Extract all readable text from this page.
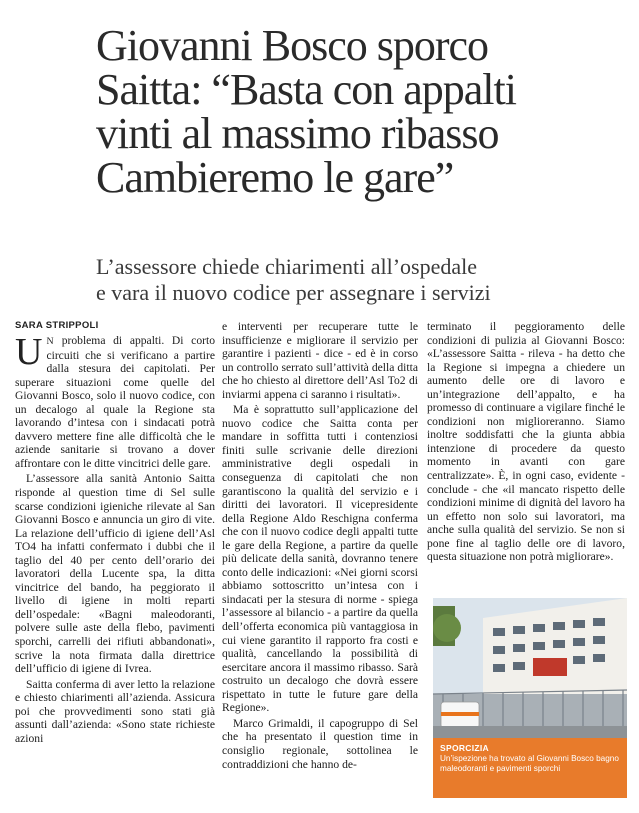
Giovanni Bosco sporco
Saitta: “Basta con appalti
vinti al massimo ribasso
Cambieremo le gare”
L’assessore chiede chiarimenti all’ospedale
e vara il nuovo codice per assegnare i servizi
SARA STRIPPOLI

U N problema di appalti. Di corto circuiti che si verificano a partire dalla stesura dei capitolati. Per superare situazioni come quelle del Giovanni Bosco, solo il nuovo codice, con un decalogo al quale la Regione sta lavorando d’intesa con i sindacati potrà davvero mettere fine alle difficoltà che le aziende sanitarie si trovano a dover affrontare con le ditte vincitrici delle gare.

L’assessore alla sanità Antonio Saitta risponde al question time di Sel sulle scarse condizioni igieniche rilevate al San Giovanni Bosco e annuncia un giro di vite. La relazione dell’ufficio di igiene dell’Asl TO4 ha infatti confermato i dubbi che il taglio del 40 per cento dell’orario dei lavoratori della Lucente spa, la ditta vincitrice del bando, ha peggiorato il livello di igiene in molti reparti dell’ospedale: «Bagni maleodoranti, polvere sulle aste della flebo, pavimenti sporchi, carrelli dei rifiuti abbandonati», scrive la nota firmata dalla direttrice dell’ufficio di igiene di Ivrea.

Saitta conferma di aver letto la relazione e chiesto chiarimenti all’azienda. Assicura poi che provvedimenti sono stati già assunti dall’azienda: «Sono state richieste azioni

e interventi per recuperare tutte le insufficienze e migliorare il servizio per garantire i pazienti - dice - ed è in corso un controllo serrato sull’attività della ditta che ho chiesto al direttore dell’Asl To2 di inviarmi appena ci saranno i risultati».

Ma è soprattutto sull’applicazione del nuovo codice che Saitta conta per mandare in soffitta tutti i contenziosi finiti sulle scrivanie delle direzioni amministrative degli ospedali in conseguenza di capitolati che non garantiscono la qualità del servizio e i diritti dei lavoratori. Il vicepresidente della Regione Aldo Reschigna conferma che con il nuovo codice degli appalti tutte le gare della Regione, a partire da quelle più delicate della sanità, dovranno tenere conto delle indicazioni: «Nei giorni scorsi abbiamo sottoscritto un’intesa con i sindacati per la stesura di norme - spiega l’assessore al bilancio - a partire da quella dell’offerta economica più vantaggiosa in cui viene garantito il rapporto fra costi e qualità, cancellando la possibilità di esercitare ancora il massimo ribasso. Sarà costruito un decalogo che dovrà essere rispettato in tutte le future gare della Regione».

Marco Grimaldi, il capogruppo di Sel che ha presentato il question time in consiglio regionale, sottolinea le contraddizioni che hanno de-

terminato il peggioramento delle condizioni di pulizia al Giovanni Bosco: «L’assessore Saitta - rileva - ha detto che la Regione si impegna a chiedere un aumento delle ore di lavoro e un’integrazione dell’appalto, e ha promesso di continuare a vigilare finché le condizioni non miglioreranno. Siamo inoltre soddisfatti che la giunta abbia intenzione di procedere da questo momento in avanti con gare centralizzate». È, in ogni caso, evidente - conclude - che «il mancato rispetto delle condizioni minime di dignità del lavoro ha un effetto non solo sui lavoratori, ma anche sulla qualità del servizio. Se non si pone fine al taglio delle ore di lavoro, questa situazione non potrà migliorare».

SPORCIZIA
Un’ispezione ha trovato al Giovanni Bosco bagno maleodoranti e pavimenti sporchi
